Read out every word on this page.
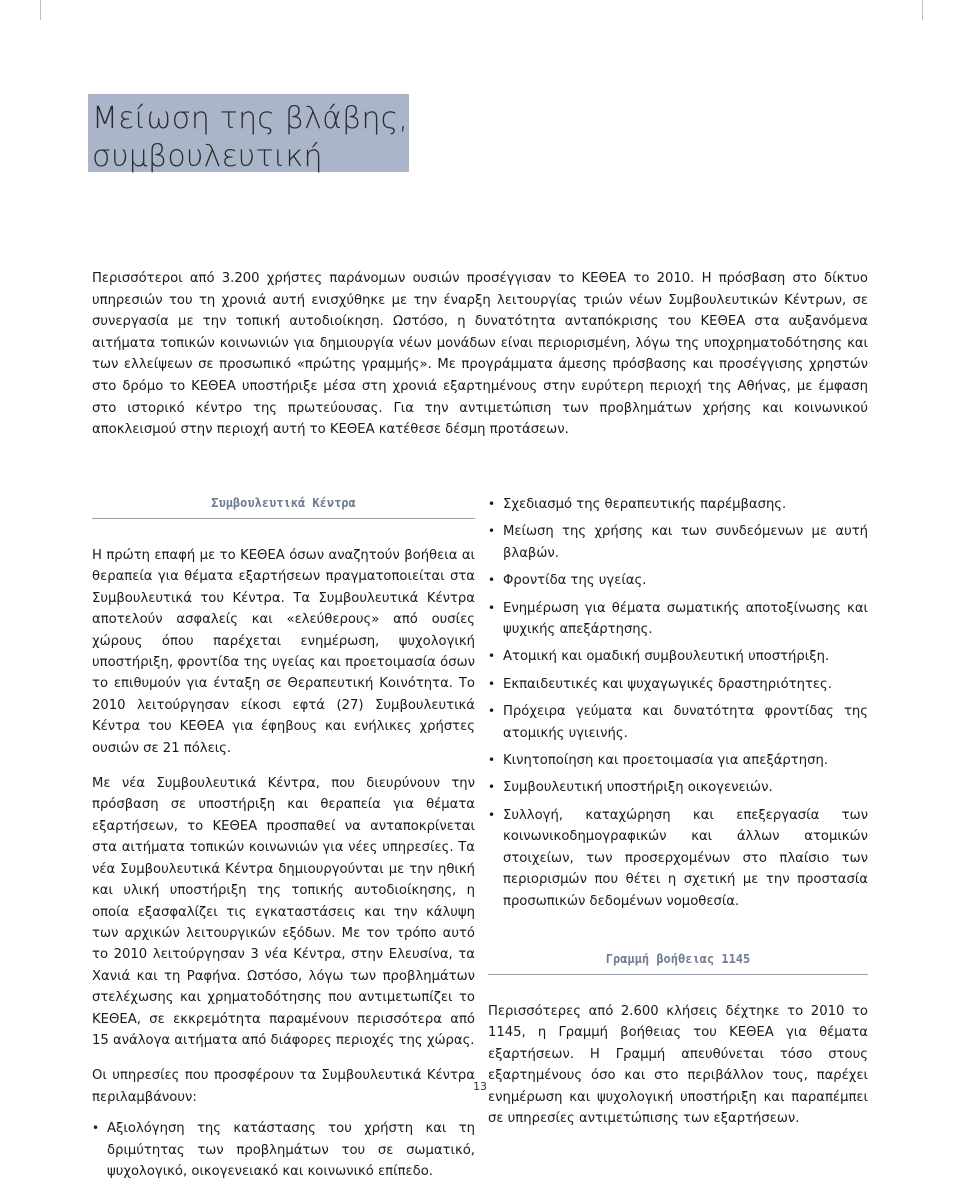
Μείωση της βλάβης,
συμβουλευτική

Περισσότεροι από 3.200 χρήστες παράνομων ουσιών προσέγγισαν το ΚΕΘΕΑ το 2010. Η πρόσβαση στο δίκτυο υπηρεσιών του τη χρονιά αυτή ενισχύθηκε με την έναρξη λειτουργίας τριών νέων Συμβουλευτικών Κέντρων, σε συνεργασία με την τοπική αυτοδιοίκηση. Ωστόσο, η δυνατότητα ανταπόκρισης του ΚΕΘΕΑ στα αυξανόμενα αιτήματα τοπικών κοινωνιών για δημιουργία νέων μονάδων είναι περιορισμένη, λόγω της υποχρηματοδότησης και των ελλείψεων σε προσωπικό «πρώτης γραμμής». Με προγράμματα άμεσης πρόσβασης και προσέγγισης χρηστών στο δρόμο το ΚΕΘΕΑ υποστήριξε μέσα στη χρονιά εξαρτημένους στην ευρύτερη περιοχή της Αθήνας, με έμφαση στο ιστορικό κέντρο της πρωτεύουσας. Για την αντιμετώπιση των προβλημάτων χρήσης και κοινωνικού αποκλεισμού στην περιοχή αυτή το ΚΕΘΕΑ κατέθεσε δέσμη προτάσεων.

Συμβουλευτικά Κέντρα

Η πρώτη επαφή με το ΚΕΘΕΑ όσων αναζητούν βοήθεια αι θεραπεία για θέματα εξαρτήσεων πραγματοποιείται στα Συμβουλευτικά του Κέντρα. Τα Συμβουλευτικά Κέντρα αποτελούν ασφαλείς και «ελεύθερους» από ουσίες χώρους όπου παρέχεται ενημέρωση, ψυχολογική υποστήριξη, φροντίδα της υγείας και προετοιμασία όσων το επιθυμούν για ένταξη σε Θεραπευτική Κοινότητα. Το 2010 λειτούργησαν είκοσι εφτά (27) Συμβουλευτικά Κέντρα του ΚΕΘΕΑ για έφηβους και ενήλικες χρήστες ουσιών σε 21 πόλεις.

Με νέα Συμβουλευτικά Κέντρα, που διευρύνουν την πρόσβαση σε υποστήριξη και θεραπεία για θέματα εξαρτήσεων, το ΚΕΘΕΑ προσπαθεί να ανταποκρίνεται στα αιτήματα τοπικών κοινωνιών για νέες υπηρεσίες. Τα νέα Συμβουλευτικά Κέντρα δημιουργούνται με την ηθική και υλική υποστήριξη της τοπικής αυτοδιοίκησης, η οποία εξασφαλίζει τις εγκαταστάσεις και την κάλυψη των αρχικών λειτουργικών εξόδων. Με τον τρόπο αυτό το 2010 λειτούργησαν 3 νέα Κέντρα, στην Ελευσίνα, τα Χανιά και τη Ραφήνα. Ωστόσο, λόγω των προβλημάτων στελέχωσης και χρηματοδότησης που αντιμετωπίζει το ΚΕΘΕΑ, σε εκκρεμότητα παραμένουν περισσότερα από 15 ανάλογα αιτήματα από διάφορες περιοχές της χώρας.

Οι υπηρεσίες που προσφέρουν τα Συμβουλευτικά Κέντρα περιλαμβάνουν:

• Αξιολόγηση της κατάστασης του χρήστη και τη δριμύτητας των προβλημάτων του σε σωματικό, ψυχολογικό, οικογενειακό και κοινωνικό επίπεδο.
• Σχεδιασμό της θεραπευτικής παρέμβασης.
• Μείωση της χρήσης και των συνδεόμενων με αυτή βλαβών.
• Φροντίδα της υγείας.
• Ενημέρωση για θέματα σωματικής αποτοξίνωσης και ψυχικής απεξάρτησης.
• Ατομική και ομαδική συμβουλευτική υποστήριξη.
• Εκπαιδευτικές και ψυχαγωγικές δραστηριότητες.
• Πρόχειρα γεύματα και δυνατότητα φροντίδας της ατομικής υγιεινής.
• Κινητοποίηση και προετοιμασία για απεξάρτηση.
• Συμβουλευτική υποστήριξη οικογενειών.
• Συλλογή, καταχώρηση και επεξεργασία των κοινωνικοδημογραφικών και άλλων ατομικών στοιχείων, των προσερχομένων στο πλαίσιο των περιορισμών που θέτει η σχετική με την προστασία προσωπικών δεδομένων νομοθεσία.
Γραμμή βοήθειας 1145

Περισσότερες από 2.600 κλήσεις δέχτηκε το 2010 το 1145, η Γραμμή βοήθειας του ΚΕΘΕΑ για θέματα εξαρτήσεων. Η Γραμμή απευθύνεται τόσο στους εξαρτημένους όσο και στο περιβάλλον τους, παρέχει ενημέρωση και ψυχολογική υποστήριξη και παραπέμπει σε υπηρεσίες αντιμετώπισης των εξαρτήσεων.

13
